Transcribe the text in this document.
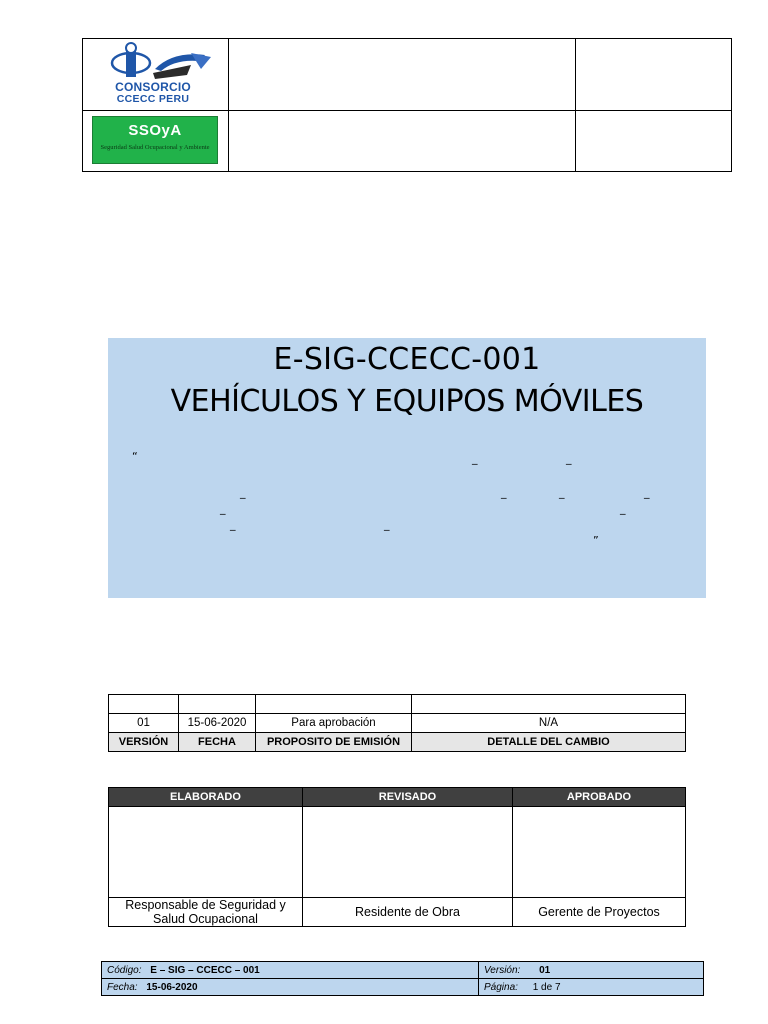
CONSORCIO
CCECC PERU		

SSOyA
Seguridad Salud Ocupacional y Ambiente		

E-SIG-CCECC-001
VEHÍCULOS Y EQUIPOS MÓVILES
“	_	_
_	_	_	_
_	_
_	_
”

01	15-06-2020	Para aprobación	N/A
VERSIÓN	FECHA	PROPOSITO DE EMISIÓN	DETALLE DEL CAMBIO
ELABORADO	REVISADO	APROBADO

Responsable de Seguridad y Salud Ocupacional	Residente de Obra	Gerente de Proyectos
Código: E – SIG – CCECC – 001	Versión: 01
Fecha: 15-06-2020	Página: 1 de 7
